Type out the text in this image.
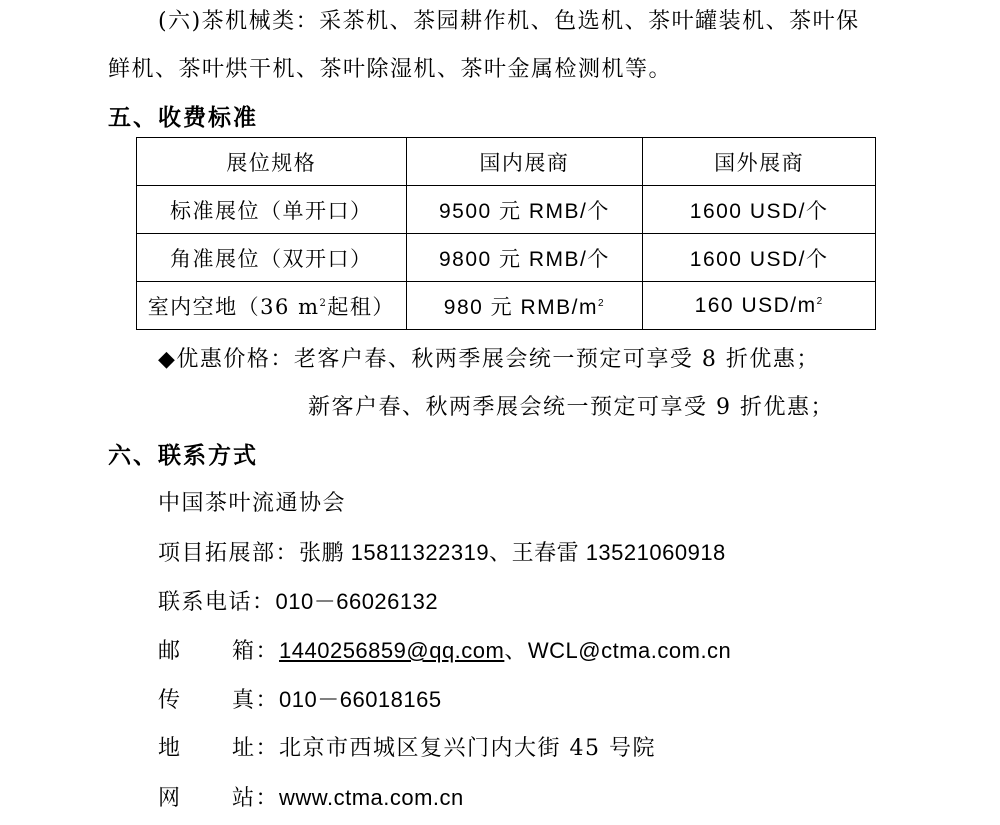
(六)茶机械类：采茶机、茶园耕作机、色选机、茶叶罐装机、茶叶保
鲜机、茶叶烘干机、茶叶除湿机、茶叶金属检测机等。
五、收费标准
展位规格	国内展商	国外展商
标准展位（单开口）	9500 元 RMB/个	1600 USD/个
角准展位（双开口）	9800 元 RMB/个	1600 USD/个
室内空地（36 $m^2$起租）	980 元 RMB/$m^2$	160 USD/$m^2$
◆优惠价格：老客户春、秋两季展会统一预定可享受 8 折优惠；
新客户春、秋两季展会统一预定可享受 9 折优惠；
六、联系方式
中国茶叶流通协会
项目拓展部：张鹏 15811322319、王春雷 13521060918
联系电话：010－66026132
邮 箱：1440256859@qq.com、WCL@ctma.com.cn
传 真：010－66018165
地 址：北京市西城区复兴门内大街 45 号院
网 站：www.ctma.com.cn
